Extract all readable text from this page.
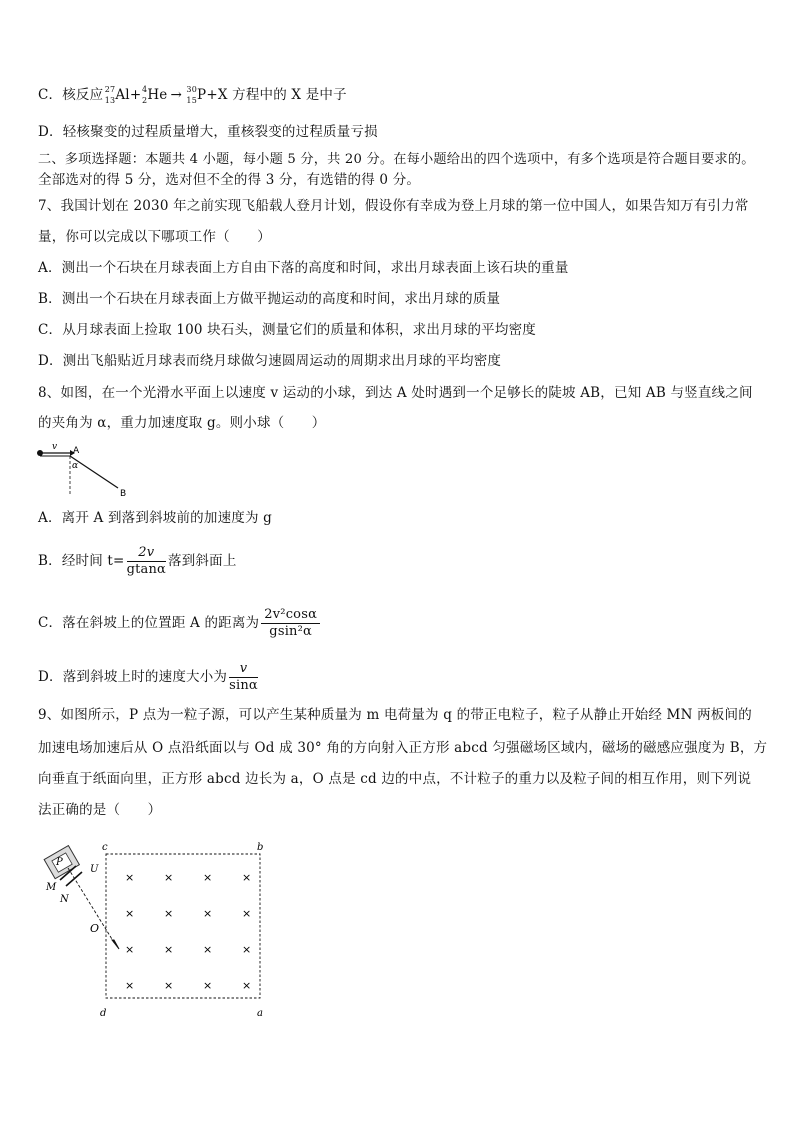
C．核反应 27
13 Al+ 4
2 He → 30
15 P+X 方程中的 X 是中子
D．轻核聚变的过程质量增大，重核裂变的过程质量亏损
二、多项选择题：本题共 4 小题，每小题 5 分，共 20 分。在每小题给出的四个选项中，有多个选项是符合题目要求的。
全部选对的得 5 分，选对但不全的得 3 分，有选错的得 0 分。
7、我国计划在 2030 年之前实现飞船载人登月计划，假设你有幸成为登上月球的第一位中国人，如果告知万有引力常
量，你可以完成以下哪项工作（　　）
A．测出一个石块在月球表面上方自由下落的高度和时间，求出月球表面上该石块的重量
B．测出一个石块在月球表面上方做平抛运动的高度和时间，求出月球的质量
C．从月球表面上捡取 100 块石头，测量它们的质量和体积，求出月球的平均密度
D．测出飞船贴近月球表而绕月球做匀速圆周运动的周期求出月球的平均密度
8、如图，在一个光滑水平面上以速度 v 运动的小球，到达 A 处时遇到一个足够长的陡坡 AB，已知 AB 与竖直线之间
的夹角为 α，重力加速度取 g。则小球（　　）
v A
α
B
A．离开 A 到落到斜坡前的加速度为 g
B．经时间 $t= \frac{2v}{gtan\alpha}$ 落到斜面上
C．落在斜坡上的位置距 A 的距离为 $\frac{\text{2v²cosα}}{\text{gsin²α}}$
D．落到斜坡上时的速度大小为 $\frac{v}{\sin\alpha}$
9、如图所示，P 点为一粒子源，可以产生某种质量为 m 电荷量为 q 的带正电粒子，粒子从静止开始经 MN 两板间的
加速电场加速后从 O 点沿纸面以与 Od 成 30° 角的方向射入正方形 abcd 匀强磁场区域内，磁场的磁感应强度为 B，方
向垂直于纸面向里，正方形 abcd 边长为 a，O 点是 cd 边的中点，不计粒子的重力以及粒子间的相互作用，则下列说
法正确的是（　　）
c	b
d	a
×	×	×	×
×	×	×	×
×	×	×	×
×	×	×	×
P
M
N
U
O
